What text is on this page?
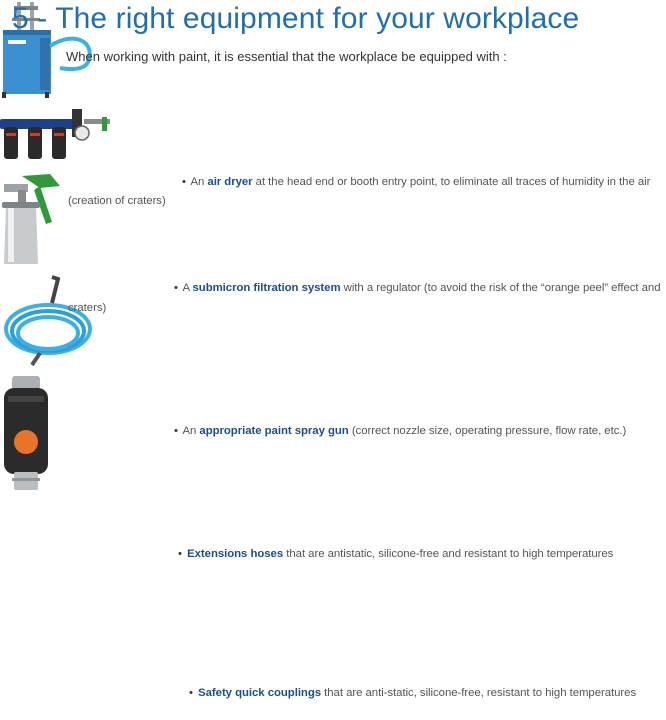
5 - The right equipment for your workplace
When working with paint, it is essential that the workplace be equipped with :
• An air dryer at the head end or booth entry point, to eliminate all traces of humidity in the air
(creation of craters)
• A submicron filtration system with a regulator (to avoid the risk of the “orange peel” effect and
craters)
• An appropriate paint spray gun (correct nozzle size, operating pressure, flow rate, etc.)
• Extensions hoses that are antistatic, silicone-free and resistant to high temperatures
• Safety quick couplings that are anti-static, silicone-free, resistant to high temperatures
